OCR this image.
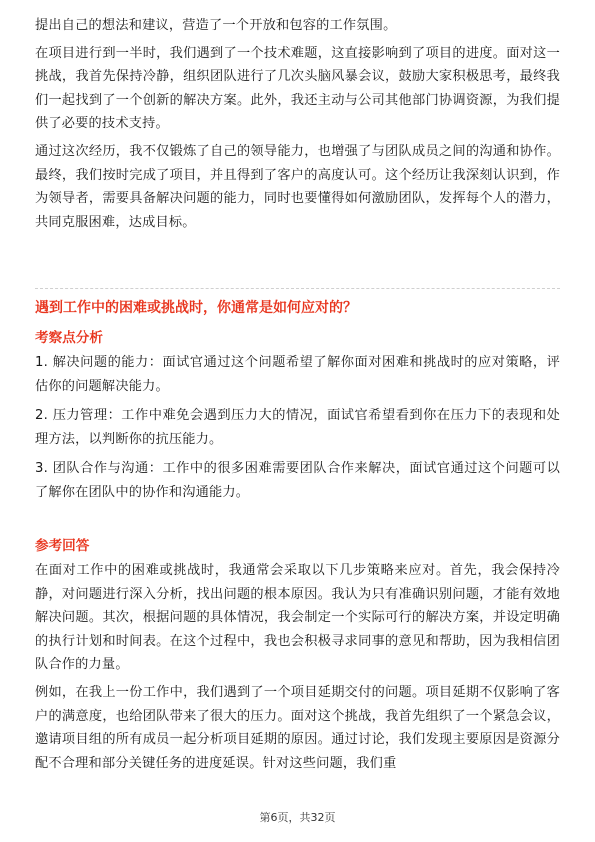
提出自己的想法和建议，营造了一个开放和包容的工作氛围。

在项目进行到一半时，我们遇到了一个技术难题，这直接影响到了项目的进度。面对这一挑战，我首先保持冷静，组织团队进行了几次头脑风暴会议，鼓励大家积极思考，最终我们一起找到了一个创新的解决方案。此外，我还主动与公司其他部门协调资源，为我们提供了必要的技术支持。

通过这次经历，我不仅锻炼了自己的领导能力，也增强了与团队成员之间的沟通和协作。最终，我们按时完成了项目，并且得到了客户的高度认可。这个经历让我深刻认识到，作为领导者，需要具备解决问题的能力，同时也要懂得如何激励团队，发挥每个人的潜力，共同克服困难，达成目标。

遇到工作中的困难或挑战时，你通常是如何应对的？

考察点分析

1. 解决问题的能力：面试官通过这个问题希望了解你面对困难和挑战时的应对策略，评估你的问题解决能力。

2. 压力管理：工作中难免会遇到压力大的情况，面试官希望看到你在压力下的表现和处理方法，以判断你的抗压能力。

3. 团队合作与沟通：工作中的很多困难需要团队合作来解决，面试官通过这个问题可以了解你在团队中的协作和沟通能力。

参考回答

在面对工作中的困难或挑战时，我通常会采取以下几步策略来应对。首先，我会保持冷静，对问题进行深入分析，找出问题的根本原因。我认为只有准确识别问题，才能有效地解决问题。其次，根据问题的具体情况，我会制定一个实际可行的解决方案，并设定明确的执行计划和时间表。在这个过程中，我也会积极寻求同事的意见和帮助，因为我相信团队合作的力量。

例如，在我上一份工作中，我们遇到了一个项目延期交付的问题。项目延期不仅影响了客户的满意度，也给团队带来了很大的压力。面对这个挑战，我首先组织了一个紧急会议，邀请项目组的所有成员一起分析项目延期的原因。通过讨论，我们发现主要原因是资源分配不合理和部分关键任务的进度延误。针对这些问题，我们重

第6页，共32页
